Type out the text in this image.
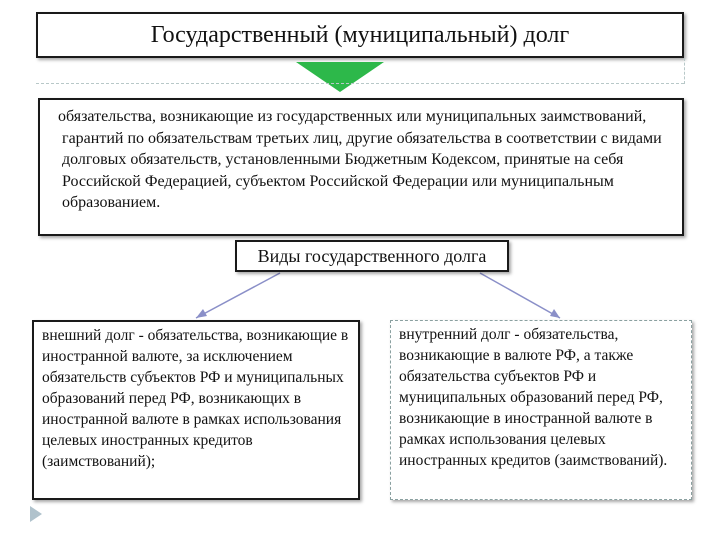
Государственный (муниципальный) долг
обязательства, возникающие из государственных или муниципальных заимствований, гарантий по обязательствам третьих лиц, другие обязательства в соответствии с видами долговых обязательств, установленными Бюджетным Кодексом, принятые на себя Российской Федерацией, субъектом Российской Федерации или муниципальным образованием.
Виды государственного долга
внешний долг - обязательства, возникающие в иностранной валюте, за исключением обязательств субъектов РФ и муниципальных образований перед РФ, возникающих в иностранной валюте в рамках использования целевых иностранных кредитов (заимствований);
внутренний долг - обязательства, возникающие в валюте РФ, а также обязательства субъектов РФ и муниципальных образований перед РФ, возникающие в иностранной валюте в рамках использования целевых иностранных кредитов (заимствований).
